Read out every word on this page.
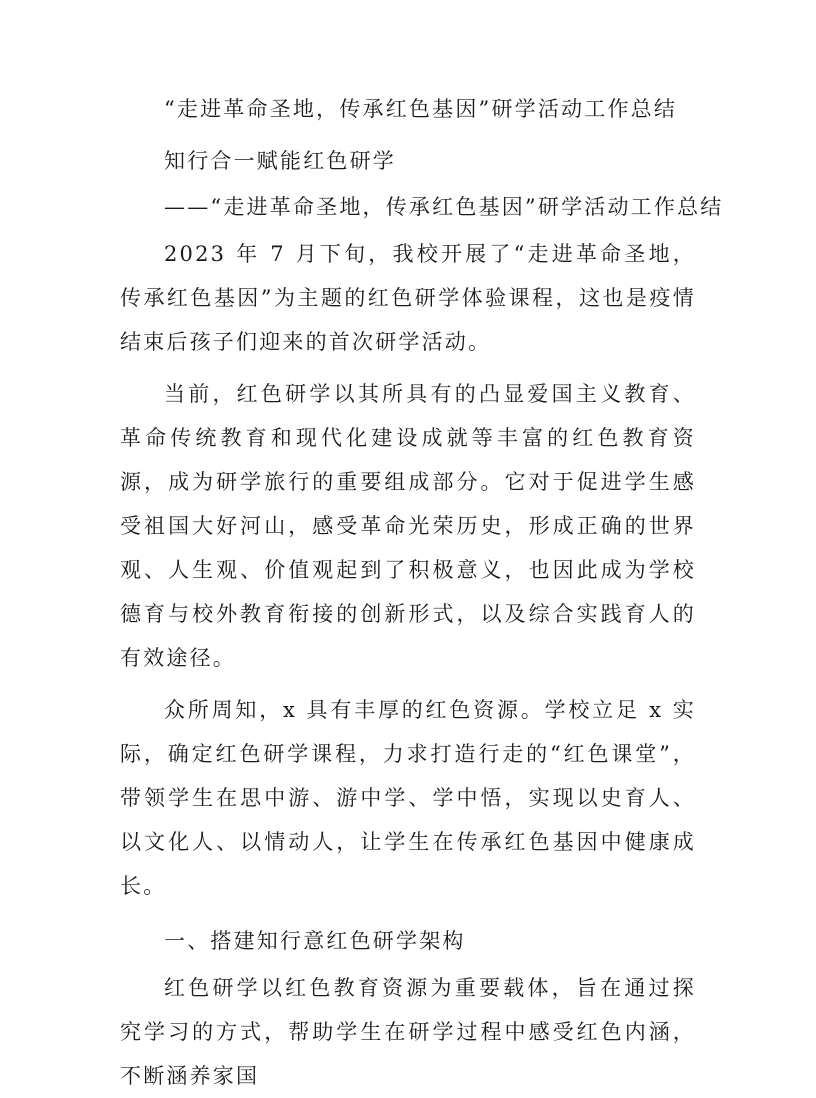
“走进革命圣地，传承红色基因”研学活动工作总结
知行合一赋能红色研学
——“走进革命圣地，传承红色基因”研学活动工作总结

2023 年 7 月下旬，我校开展了“走进革命圣地，传承红色基因”为主题的红色研学体验课程，这也是疫情结束后孩子们迎来的首次研学活动。

当前，红色研学以其所具有的凸显爱国主义教育、革命传统教育和现代化建设成就等丰富的红色教育资源，成为研学旅行的重要组成部分。它对于促进学生感受祖国大好河山，感受革命光荣历史，形成正确的世界观、人生观、价值观起到了积极意义，也因此成为学校德育与校外教育衔接的创新形式，以及综合实践育人的有效途径。

众所周知，x 具有丰厚的红色资源。学校立足 x 实际，确定红色研学课程，力求打造行走的“红色课堂”，带领学生在思中游、游中学、学中悟，实现以史育人、以文化人、以情动人，让学生在传承红色基因中健康成长。

一、搭建知行意红色研学架构

红色研学以红色教育资源为重要载体，旨在通过探究学习的方式，帮助学生在研学过程中感受红色内涵，不断涵养家国
